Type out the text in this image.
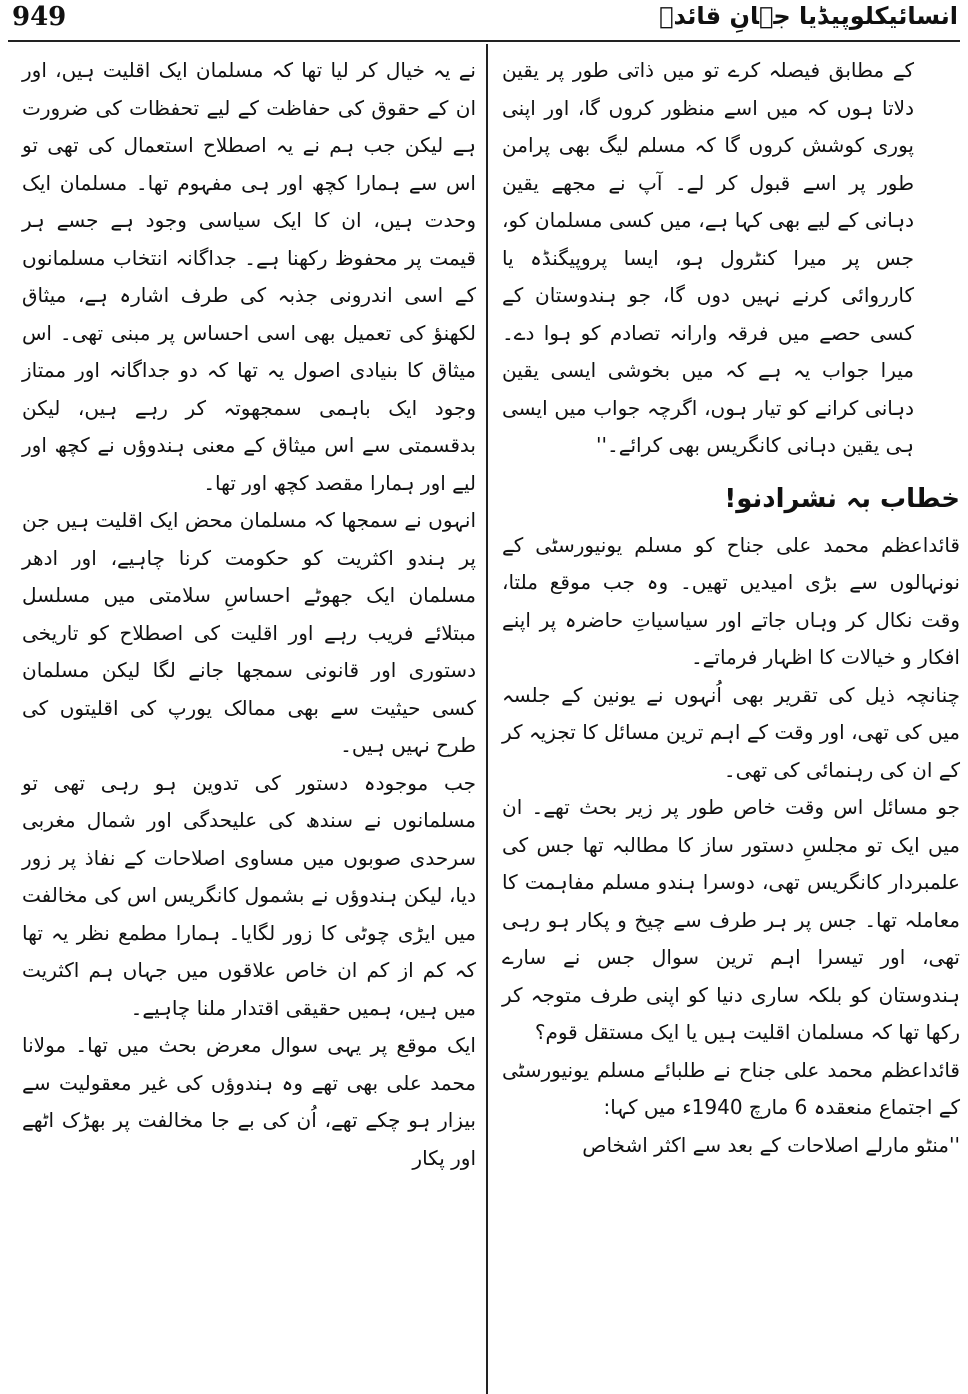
949	انسائیکلوپیڈیا جہانِ قائدؒ

کے مطابق فیصلہ کرے تو میں ذاتی طور پر یقین دلاتا ہوں کہ میں اسے منظور کروں گا، اور اپنی پوری کوشش کروں گا کہ مسلم لیگ بھی پرامن طور پر اسے قبول کر لے۔ آپ نے مجھے یقین دہانی کے لیے بھی کہا ہے، میں کسی مسلمان کو، جس پر میرا کنٹرول ہو، ایسا پروپیگنڈہ یا کارروائی کرنے نہیں دوں گا، جو ہندوستان کے کسی حصے میں فرقہ وارانہ تصادم کو ہوا دے۔ میرا جواب یہ ہے کہ میں بخوشی ایسی یقین دہانی کرانے کو تیار ہوں، اگرچہ جواب میں ایسی ہی یقین دہانی کانگریس بھی کرائے۔''

خطاب بہ نشرادنو!

قائداعظم محمد علی جناح کو مسلم یونیورسٹی کے نونہالوں سے بڑی امیدیں تھیں۔ وہ جب موقع ملتا، وقت نکال کر وہاں جاتے اور سیاسیاتِ حاضرہ پر اپنے افکار و خیالات کا اظہار فرماتے۔

چنانچہ ذیل کی تقریر بھی اُنہوں نے یونین کے جلسہ میں کی تھی، اور وقت کے اہم ترین مسائل کا تجزیہ کر کے ان کی رہنمائی کی تھی۔

جو مسائل اس وقت خاص طور پر زیر بحث تھے۔ ان میں ایک تو مجلسِ دستور ساز کا مطالبہ تھا جس کی علمبردار کانگریس تھی، دوسرا ہندو مسلم مفاہمت کا معاملہ تھا۔ جس پر ہر طرف سے چیخ و پکار ہو رہی تھی، اور تیسرا اہم ترین سوال جس نے سارے ہندوستان کو بلکہ ساری دنیا کو اپنی طرف متوجہ کر رکھا تھا کہ مسلمان اقلیت ہیں یا ایک مستقل قوم؟

قائداعظم محمد علی جناح نے طلبائے مسلم یونیورسٹی کے اجتماع منعقدہ 6 مارچ 1940ء میں کہا:

''منٹو مارلے اصلاحات کے بعد سے اکثر اشخاص

نے یہ خیال کر لیا تھا کہ مسلمان ایک اقلیت ہیں، اور ان کے حقوق کی حفاظت کے لیے تحفظات کی ضرورت ہے لیکن جب ہم نے یہ اصطلاح استعمال کی تھی تو اس سے ہمارا کچھ اور ہی مفہوم تھا۔ مسلمان ایک وحدت ہیں، ان کا ایک سیاسی وجود ہے جسے ہر قیمت پر محفوظ رکھنا ہے۔ جداگانہ انتخاب مسلمانوں کے اسی اندرونی جذبہ کی طرف اشارہ ہے، میثاق لکھنؤ کی تعمیل بھی اسی احساس پر مبنی تھی۔ اس میثاق کا بنیادی اصول یہ تھا کہ دو جداگانہ اور ممتاز وجود ایک باہمی سمجھوتہ کر رہے ہیں، لیکن بدقسمتی سے اس میثاق کے معنی ہندوؤں نے کچھ اور لیے اور ہمارا مقصد کچھ اور تھا۔

انہوں نے سمجھا کہ مسلمان محض ایک اقلیت ہیں جن پر ہندو اکثریت کو حکومت کرنا چاہیے، اور ادھر مسلمان ایک جھوٹے احساسِ سلامتی میں مسلسل مبتلائے فریب رہے اور اقلیت کی اصطلاح کو تاریخی دستوری اور قانونی سمجھا جانے لگا لیکن مسلمان کسی حیثیت سے بھی ممالک یورپ کی اقلیتوں کی طرح نہیں ہیں۔

جب موجودہ دستور کی تدوین ہو رہی تھی تو مسلمانوں نے سندھ کی علیحدگی اور شمال مغربی سرحدی صوبوں میں مساوی اصلاحات کے نفاذ پر زور دیا، لیکن ہندوؤں نے بشمول کانگریس اس کی مخالفت میں ایڑی چوٹی کا زور لگایا۔ ہمارا مطمع نظر یہ تھا کہ کم از کم ان خاص علاقوں میں جہاں ہم اکثریت میں ہیں، ہمیں حقیقی اقتدار ملنا چاہیے۔

ایک موقع پر یہی سوال معرض بحث میں تھا۔ مولانا محمد علی بھی تھے وہ ہندوؤں کی غیر معقولیت سے بیزار ہو چکے تھے، اُن کی بے جا مخالفت پر بھڑک اٹھے اور پکار
